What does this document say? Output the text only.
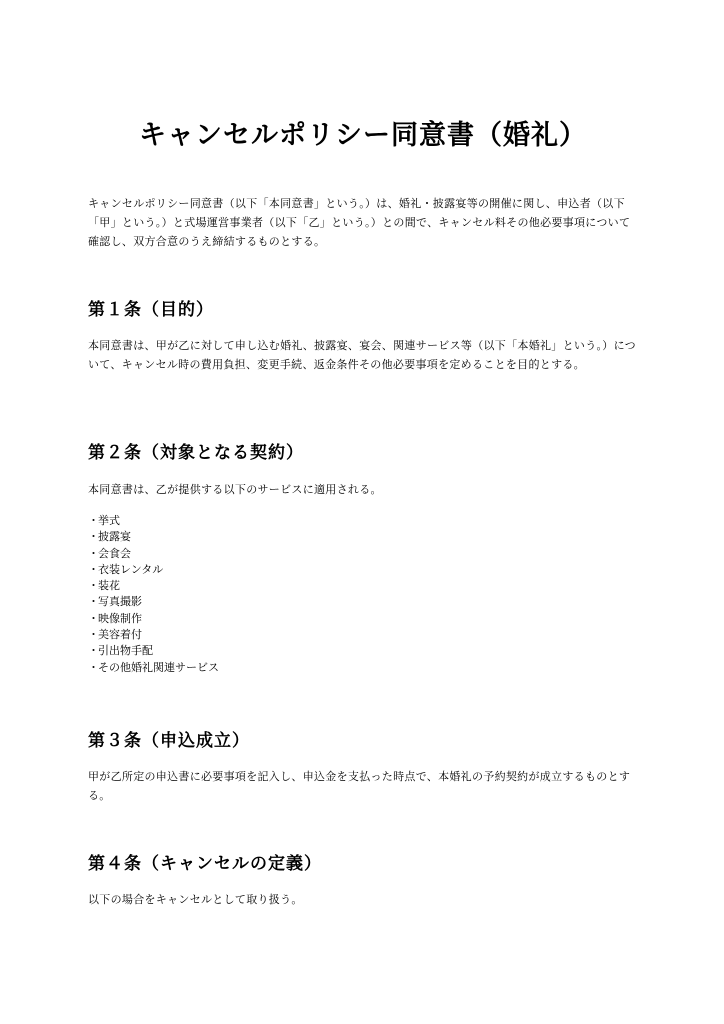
キャンセルポリシー同意書（婚礼）

キャンセルポリシー同意書（以下「本同意書」という。）は、婚礼・披露宴等の開催に関し、申込者（以下「甲」という。）と式場運営事業者（以下「乙」という。）との間で、キャンセル料その他必要事項について確認し、双方合意のうえ締結するものとする。

第１条（目的）

本同意書は、甲が乙に対して申し込む婚礼、披露宴、宴会、関連サービス等（以下「本婚礼」という。）について、キャンセル時の費用負担、変更手続、返金条件その他必要事項を定めることを目的とする。

第２条（対象となる契約）

本同意書は、乙が提供する以下のサービスに適用される。

・挙式
・披露宴
・会食会
・衣装レンタル
・装花
・写真撮影
・映像制作
・美容着付
・引出物手配
・その他婚礼関連サービス
第３条（申込成立）

甲が乙所定の申込書に必要事項を記入し、申込金を支払った時点で、本婚礼の予約契約が成立するものとする。

第４条（キャンセルの定義）

以下の場合をキャンセルとして取り扱う。
